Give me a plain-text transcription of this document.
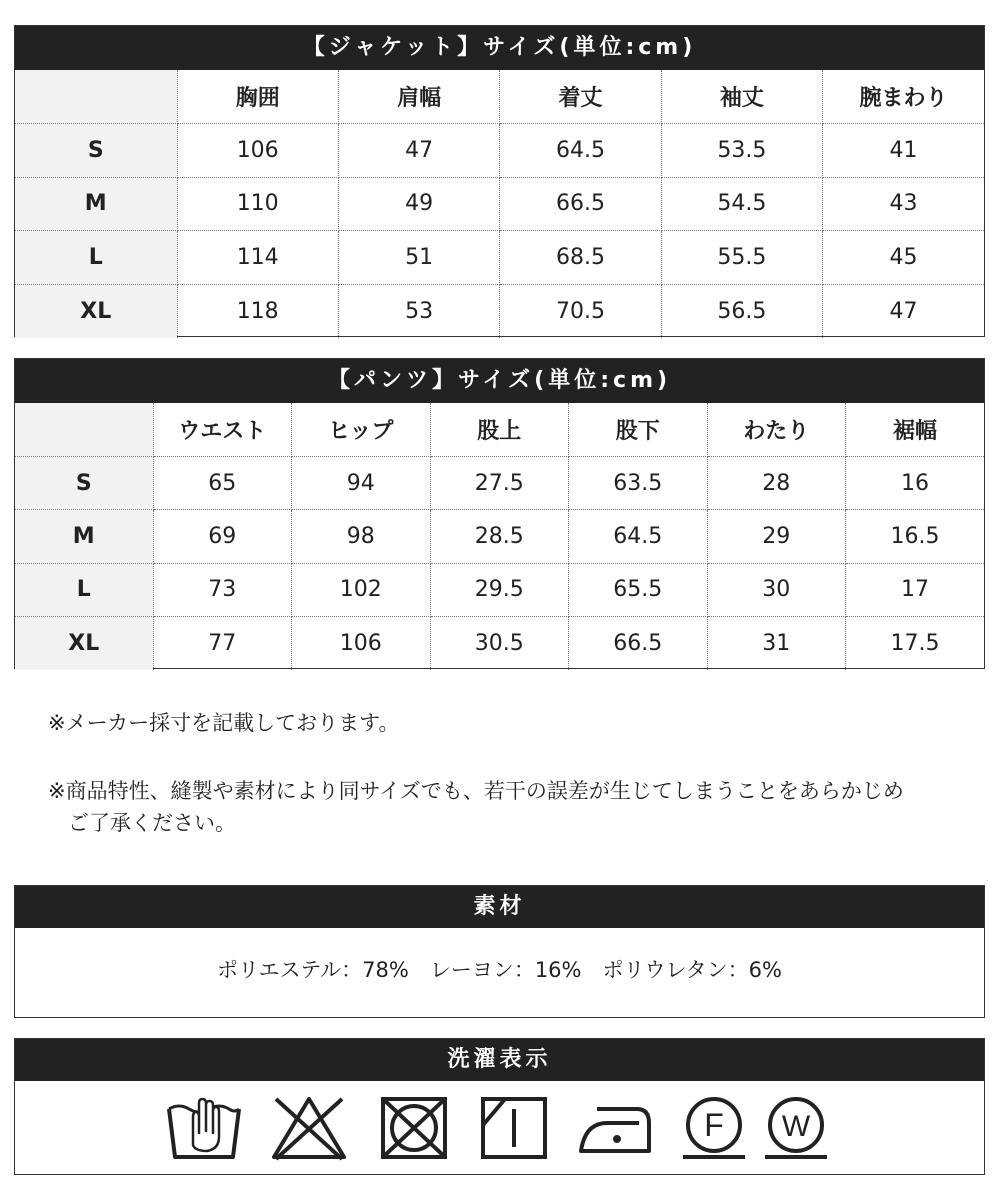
【ジャケット】サイズ(単位:cm)
	胸囲	肩幅	着丈	袖丈	腕まわり
S	106	47	64.5	53.5	41
M	110	49	66.5	54.5	43
L	114	51	68.5	55.5	45
XL	118	53	70.5	56.5	47
【パンツ】サイズ(単位:cm)
	ウエスト	ヒップ	股上	股下	わたり	裾幅
S	65	94	27.5	63.5	28	16
M	69	98	28.5	64.5	29	16.5
L	73	102	29.5	65.5	30	17
XL	77	106	30.5	66.5	31	17.5
※メーカー採寸を記載しております。
※商品特性、縫製や素材により同サイズでも、若干の誤差が生じてしまうことをあらかじめ
ご了承ください。
素材
ポリエステル：78%　レーヨン：16%　ポリウレタン：6%
洗濯表示
F W
